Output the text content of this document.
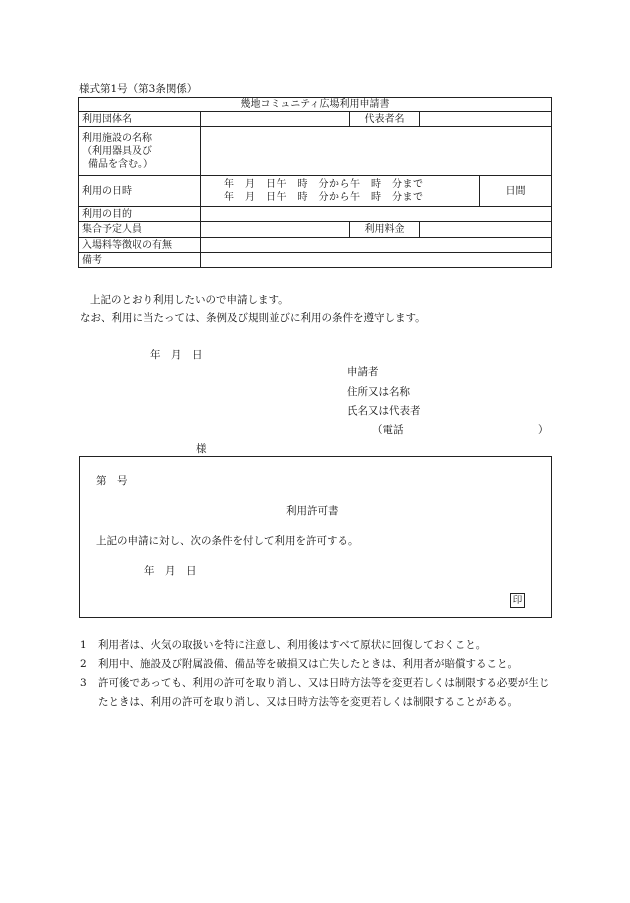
様式第1号（第3条関係）
幾地コミュニティ広場利用申請書				
利用団体名		代表者名		

利用施設の名称
（利用器具及び
備品を含む。）				

利用の日時	年　月　日午　時　分から午　時　分まで
年　月　日午　時　分から午　時　分まで			日間
利用の目的				
集合予定人員		利用料金		
入場料等徴収の有無				
備考				
上記のとおり利用したいので申請します。
なお、利用に当たっては、条例及び規則並びに利用の条件を遵守します。
年　月　日
申請者
住所又は名称
氏名又は代表者
（電話	）
様
第　号
利用許可書
上記の申請に対し、次の条件を付して利用を許可する。
年　月　日
印
1	利用者は、火気の取扱いを特に注意し、利用後はすべて原状に回復しておくこと。
2	利用中、施設及び附属設備、備品等を破損又は亡失したときは、利用者が賠償すること。
3	許可後であっても、利用の許可を取り消し、又は日時方法等を変更若しくは制限する必要が生じたときは、利用の許可を取り消し、又は日時方法等を変更若しくは制限することがある。
